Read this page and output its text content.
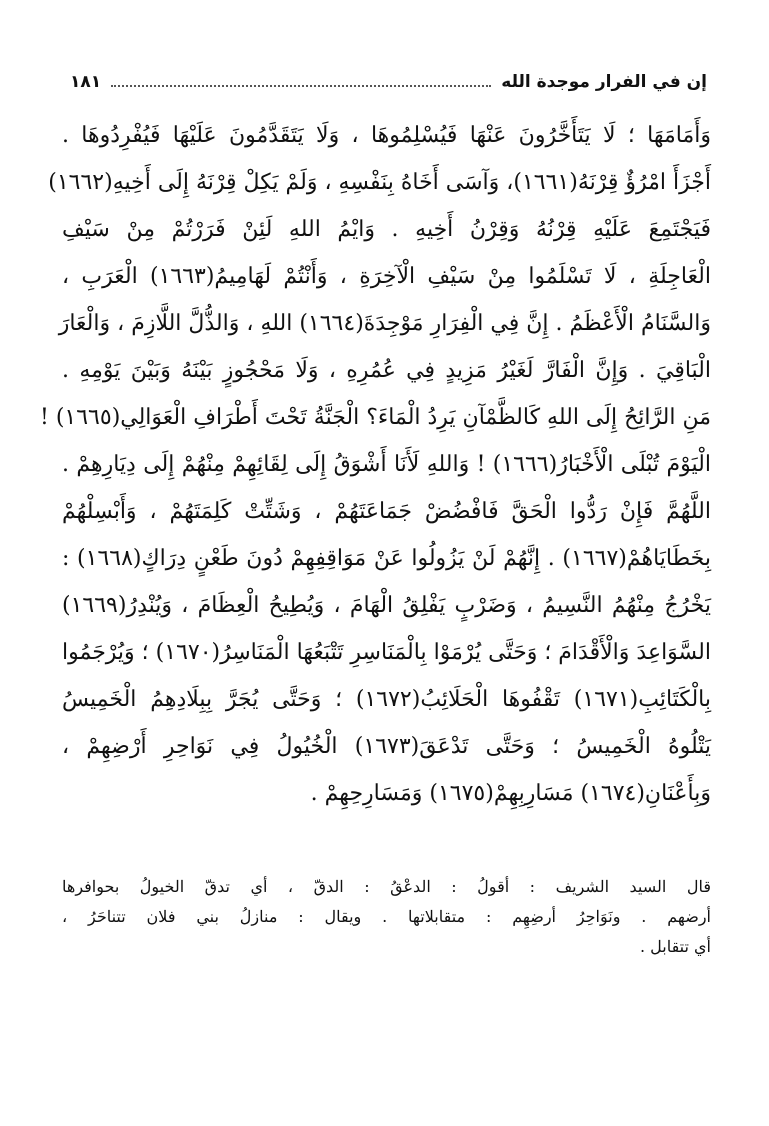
إن في الفرار موجدة الله
١٨١
وَأَمَامَهَا ؛ لَا يَتَأَخَّرُونَ عَنْهَا فَيُسْلِمُوهَا ، وَلَا يَتَقَدَّمُونَ عَلَيْهَا فَيُفْرِدُوهَا .
أَجْزَأَ امْرُؤٌ قِرْنَهُ(١٦٦١)، وَآسَى أَخَاهُ بِنَفْسِهِ ، وَلَمْ يَكِلْ قِرْنَهُ إِلَى أَخِيهِ(١٦٦٢)
فَيَجْتَمِعَ عَلَيْهِ قِرْنُهُ وَقِرْنُ أَخِيهِ . وَايْمُ اللهِ لَئِنْ فَرَرْتُمْ مِنْ سَيْفِ
الْعَاجِلَةِ ، لَا تَسْلَمُوا مِنْ سَيْفِ الْآخِرَةِ ، وَأَنْتُمْ لَهَامِيمُ(١٦٦٣) الْعَرَبِ ،
وَالسَّنَامُ الْأَعْظَمُ . إِنَّ فِي الْفِرَارِ مَوْجِدَةَ(١٦٦٤) اللهِ ، وَالذُّلَّ اللَّازِمَ ، وَالْعَارَ
الْبَاقِيَ . وَإِنَّ الْفَارَّ لَغَيْرُ مَزِيدٍ فِي عُمُرِهِ ، وَلَا مَحْجُوزٍ بَيْنَهُ وَبَيْنَ يَوْمِهِ .
مَنِ الرَّائِحُ إِلَى اللهِ كَالظَّمْآنِ يَرِدُ الْمَاءَ؟ الْجَنَّةُ تَحْتَ أَطْرَافِ الْعَوَالِي(١٦٦٥) !
الْيَوْمَ تُبْلَى الْأَخْبَارُ(١٦٦٦) ! وَاللهِ لَأَنَا أَشْوَقُ إِلَى لِقَائِهِمْ مِنْهُمْ إِلَى دِيَارِهِمْ .
اللَّهُمَّ فَإِنْ رَدُّوا الْحَقَّ فَافْضُضْ جَمَاعَتَهُمْ ، وَشَتِّتْ كَلِمَتَهُمْ ، وَأَبْسِلْهُمْ
بِخَطَايَاهُمْ(١٦٦٧) . إِنَّهُمْ لَنْ يَزُولُوا عَنْ مَوَاقِفِهِمْ دُونَ طَعْنٍ دِرَاكٍ(١٦٦٨) :
يَخْرُجُ مِنْهُمُ النَّسِيمُ ، وَضَرْبٍ يَفْلِقُ الْهَامَ ، وَيُطِيحُ الْعِظَامَ ، وَيُنْدِرُ(١٦٦٩)
السَّوَاعِدَ وَالْأَقْدَامَ ؛ وَحَتَّى يُرْمَوْا بِالْمَنَاسِرِ تَتْبَعُهَا الْمَنَاسِرُ(١٦٧٠) ؛ وَيُرْجَمُوا
بِالْكَتَائِبِ(١٦٧١) تَقْفُوهَا الْحَلَائِبُ(١٦٧٢) ؛ وَحَتَّى يُجَرَّ بِبِلَادِهِمُ الْخَمِيسُ
يَتْلُوهُ الْخَمِيسُ ؛ وَحَتَّى تَدْعَقَ(١٦٧٣) الْخُيُولُ فِي نَوَاحِرِ أَرْضِهِمْ ،
وَبِأَعْنَانِ(١٦٧٤) مَسَارِبِهِمْ(١٦٧٥) وَمَسَارِحِهِمْ .
قال السيد الشريف : أقولُ : الدعْقُ : الدقّ ، أي تدقّ الخيولُ بحوافرها
أرضهم . ونَوَاحِرُ أرضِهِم : متقابلاتها . ويقال : منازلُ بني فلان تتناحَرُ ،
أي تتقابل .
